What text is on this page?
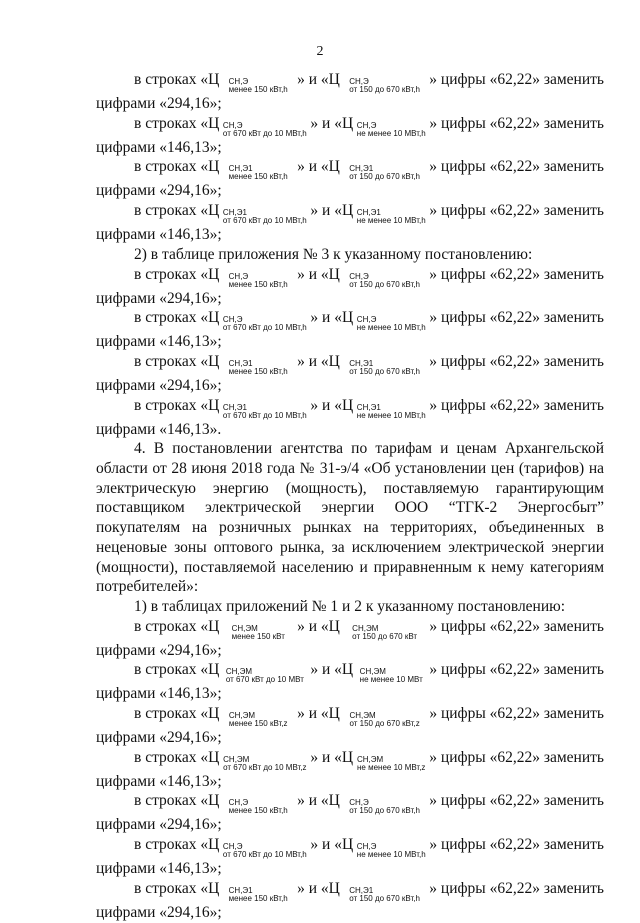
2
в строках «Ц СН,Э
менее 150 кВт,h
» и «Ц СН,Э
от 150 до 670 кВт,h
» цифры «62,22» заменить
цифрами «294,16»;
в строках «Ц СН,Э
от 670 кВт до 10 МВт,h
» и «Ц СН,Э
не менее 10 МВт,h
» цифры «62,22» заменить
цифрами «146,13»;
в строках «Ц СН,Э1
менее 150 кВт,h
» и «Ц СН,Э1
от 150 до 670 кВт,h
» цифры «62,22» заменить
цифрами «294,16»;
в строках «Ц СН,Э1
от 670 кВт до 10 МВт,h
» и «Ц СН,Э1
не менее 10 МВт,h
» цифры «62,22» заменить
цифрами «146,13»;
2) в таблице приложения № 3 к указанному постановлению:
в строках «Ц СН,Э
менее 150 кВт,h
» и «Ц СН,Э
от 150 до 670 кВт,h
» цифры «62,22» заменить
цифрами «294,16»;
в строках «Ц СН,Э
от 670 кВт до 10 МВт,h
» и «Ц СН,Э
не менее 10 МВт,h
» цифры «62,22» заменить
цифрами «146,13»;
в строках «Ц СН,Э1
менее 150 кВт,h
» и «Ц СН,Э1
от 150 до 670 кВт,h
» цифры «62,22» заменить
цифрами «294,16»;
в строках «Ц СН,Э1
от 670 кВт до 10 МВт,h
» и «Ц СН,Э1
не менее 10 МВт,h
» цифры «62,22» заменить
цифрами «146,13».
4. В постановлении агентства по тарифам и ценам Архангельской области от 28 июня 2018 года № 31-э/4 «Об установлении цен (тарифов) на электрическую энергию (мощность), поставляемую гарантирующим поставщиком электрической энергии ООО “ТГК-2 Энергосбыт” покупателям на розничных рынках на территориях, объединенных в неценовые зоны оптового рынка, за исключением электрической энергии (мощности), поставляемой населению и приравненным к нему категориям потребителей»:
1) в таблицах приложений № 1 и 2 к указанному постановлению:
в строках «Ц СН,ЭМ
менее 150 кВт
» и «Ц СН,ЭМ
от 150 до 670 кВт
» цифры «62,22» заменить
цифрами «294,16»;
в строках «Ц СН,ЭМ
от 670 кВт до 10 МВт
» и «Ц СН,ЭМ
не менее 10 МВт
» цифры «62,22» заменить
цифрами «146,13»;
в строках «Ц СН,ЭМ
менее 150 кВт,z
» и «Ц СН,ЭМ
от 150 до 670 кВт,z
» цифры «62,22» заменить
цифрами «294,16»;
в строках «Ц СН,ЭМ
от 670 кВт до 10 МВт,z
» и «Ц СН,ЭМ
не менее 10 МВт,z
» цифры «62,22» заменить
цифрами «146,13»;
в строках «Ц СН,Э
менее 150 кВт,h
» и «Ц СН,Э
от 150 до 670 кВт,h
» цифры «62,22» заменить
цифрами «294,16»;
в строках «Ц СН,Э
от 670 кВт до 10 МВт,h
» и «Ц СН,Э
не менее 10 МВт,h
» цифры «62,22» заменить
цифрами «146,13»;
в строках «Ц СН,Э1
менее 150 кВт,h
» и «Ц СН,Э1
от 150 до 670 кВт,h
» цифры «62,22» заменить
цифрами «294,16»;
